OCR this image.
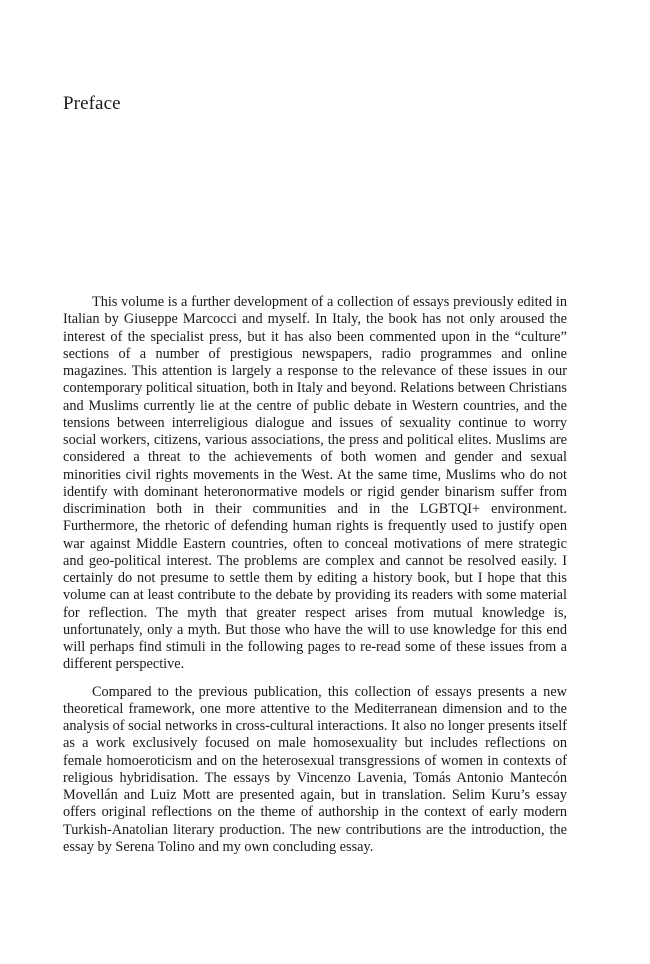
Preface

This volume is a further development of a collection of essays previously edited in Italian by Giuseppe Marcocci and myself. In Italy, the book has not only aroused the interest of the specialist press, but it has also been commented upon in the “culture” sections of a number of prestigious newspapers, radio programmes and online magazines. This attention is largely a response to the relevance of these issues in our contemporary political situation, both in Italy and beyond. Relations between Christians and Muslims currently lie at the centre of public debate in Western countries, and the tensions between interreligious dialogue and issues of sexuality continue to worry social workers, citizens, various associations, the press and political elites. Muslims are considered a threat to the achievements of both women and gender and sexual minorities civil rights movements in the West. At the same time, Muslims who do not identify with dominant heteronormative models or rigid gender binarism suffer from discrimination both in their communities and in the LGBTQI+ environment. Furthermore, the rhetoric of defending human rights is frequently used to justify open war against Middle Eastern countries, often to conceal motivations of mere strategic and geo-political interest. The problems are complex and cannot be resolved easily. I certainly do not presume to settle them by editing a history book, but I hope that this volume can at least contribute to the debate by providing its readers with some material for reflection. The myth that greater respect arises from mutual knowledge is, unfortunately, only a myth. But those who have the will to use knowledge for this end will perhaps find stimuli in the following pages to re-read some of these issues from a different perspective.

Compared to the previous publication, this collection of essays presents a new theoretical framework, one more attentive to the Mediterranean dimension and to the analysis of social networks in cross-cultural interactions. It also no longer presents itself as a work exclusively focused on male homosexuality but includes reflections on female homoeroticism and on the heterosexual transgressions of women in contexts of religious hybridisation. The essays by Vincenzo Lavenia, Tomás Antonio Mantecón Movellán and Luiz Mott are presented again, but in translation. Selim Kuru’s essay offers original reflections on the theme of authorship in the context of early modern Turkish-Anatolian literary production. The new contributions are the introduction, the essay by Serena Tolino and my own concluding essay.
